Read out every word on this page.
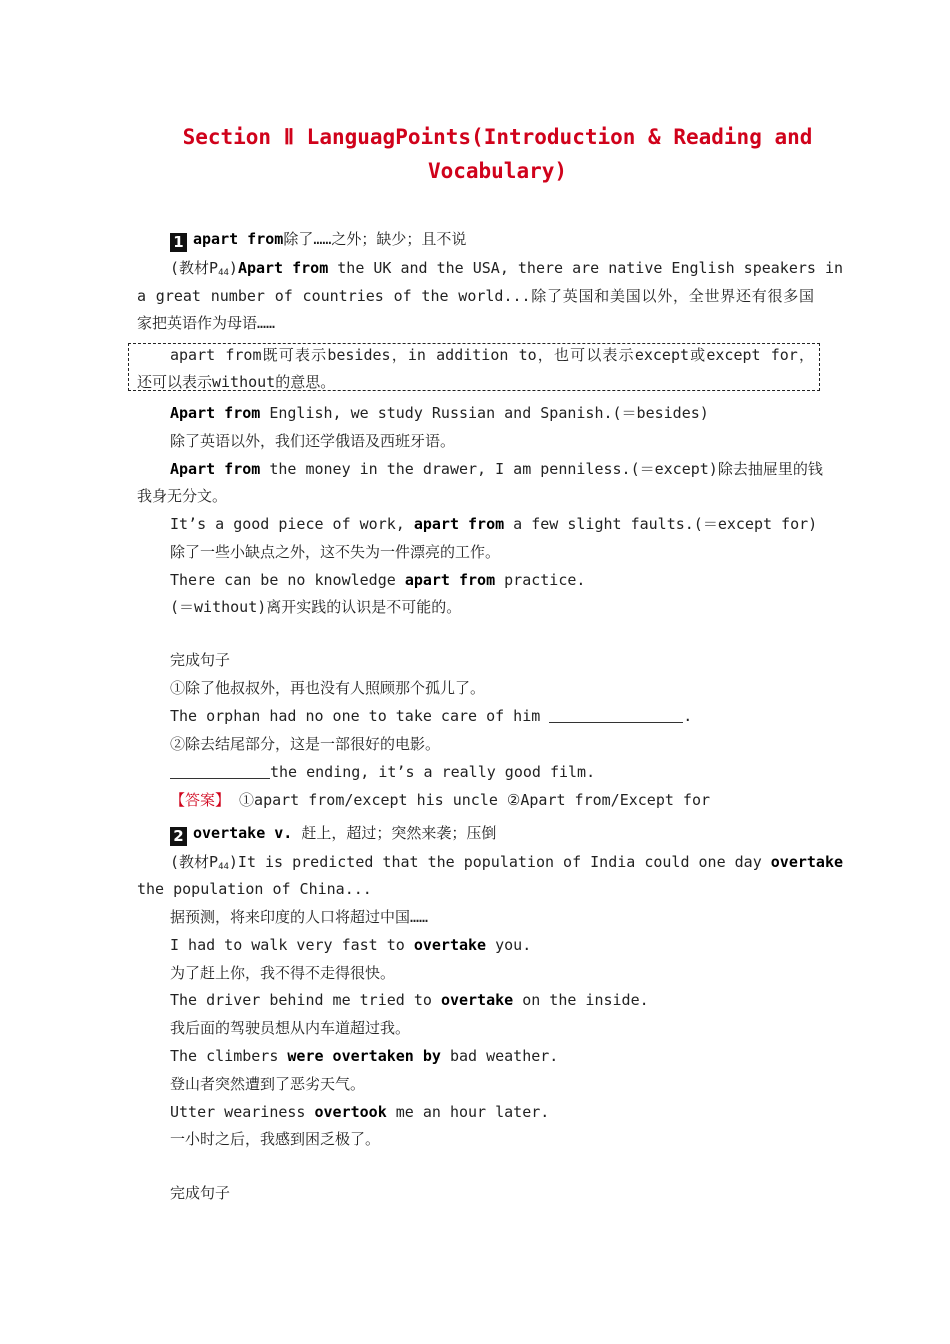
Section Ⅱ LanguagPoints(Introduction & Reading and
Vocabulary)
1 apart from除了……之外；缺少；且不说
(教材$P_{44})Apart$ from the UK and the USA, there are native English speakers in
a great number of countries of the world...除了英国和美国以外，全世界还有很多国
家把英语作为母语……
apart from既可表示besides，in addition to，也可以表示except或except for，
还可以表示without的意思。
Apart from English, we study Russian and Spanish.(＝besides)
除了英语以外，我们还学俄语及西班牙语。
Apart from the money in the drawer, I am penniless.(＝except)除去抽屉里的钱
我身无分文。
It’s a good piece of work, apart from a few slight faults.(＝except for)
除了一些小缺点之外，这不失为一件漂亮的工作。
There can be no knowledge apart from practice.
(＝without)离开实践的认识是不可能的。
完成句子
①除了他叔叔外，再也没有人照顾那个孤儿了。
The orphan had no one to take care of him	.
②除去结尾部分，这是一部很好的电影。
the ending, it’s a really good film.
【答案】 ①apart from/except his uncle ②Apart from/Except for
2 overtake v. 赶上，超过；突然来袭；压倒
(教材$P_{44})It$ is predicted that the population of India could one day overtake
the population of China...
据预测，将来印度的人口将超过中国……
I had to walk very fast to overtake you.
为了赶上你，我不得不走得很快。
The driver behind me tried to overtake on the inside.
我后面的驾驶员想从内车道超过我。
The climbers were overtaken by bad weather.
登山者突然遭到了恶劣天气。
Utter weariness overtook me an hour later.
一小时之后，我感到困乏极了。
完成句子
